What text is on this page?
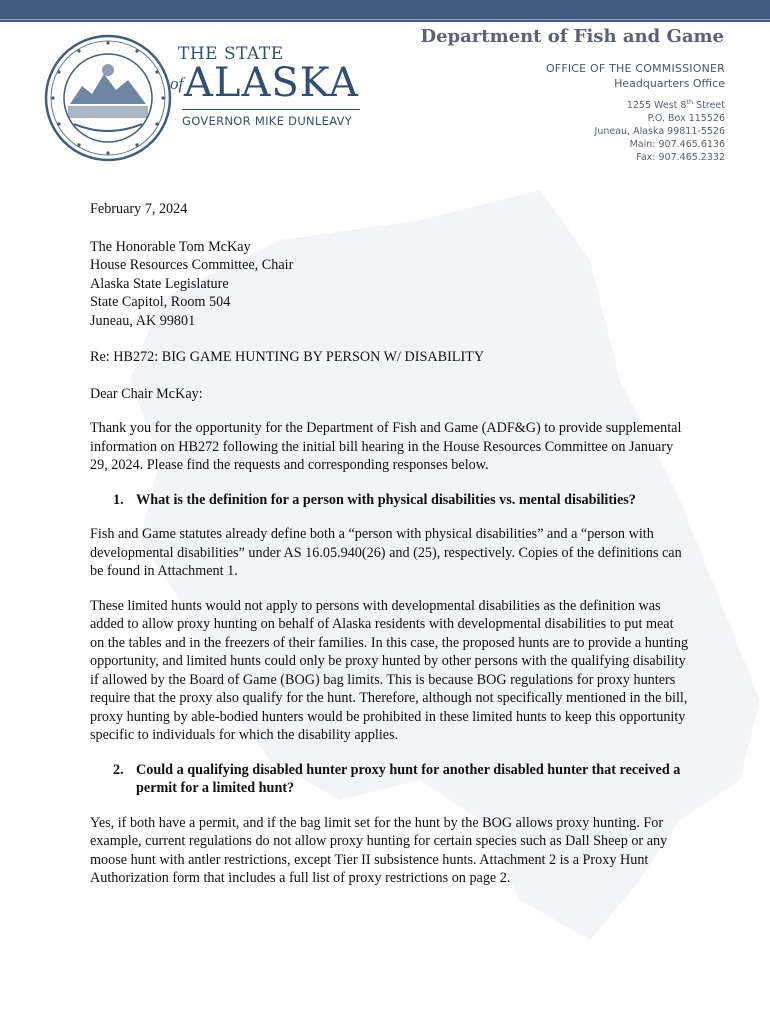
THE STATE
of ALASKA
GOVERNOR MIKE DUNLEAVY
Department of Fish and Game
OFFICE OF THE COMMISSIONER
Headquarters Office
1255 West 8th Street
P.O. Box 115526
Juneau, Alaska 99811-5526
Main: 907.465.6136
Fax: 907.465.2332

February 7, 2024

The Honorable Tom McKay

House Resources Committee, Chair

Alaska State Legislature

State Capitol, Room 504

Juneau, AK 99801

Re: HB272: BIG GAME HUNTING BY PERSON W/ DISABILITY

Dear Chair McKay:

Thank you for the opportunity for the Department of Fish and Game (ADF&G) to provide supplemental information on HB272 following the initial bill hearing in the House Resources Committee on January 29, 2024. Please find the requests and corresponding responses below.

1. What is the definition for a person with physical disabilities vs. mental disabilities?

Fish and Game statutes already define both a “person with physical disabilities” and a “person with developmental disabilities” under AS 16.05.940(26) and (25), respectively. Copies of the definitions can be found in Attachment 1.

These limited hunts would not apply to persons with developmental disabilities as the definition was added to allow proxy hunting on behalf of Alaska residents with developmental disabilities to put meat on the tables and in the freezers of their families. In this case, the proposed hunts are to provide a hunting opportunity, and limited hunts could only be proxy hunted by other persons with the qualifying disability if allowed by the Board of Game (BOG) bag limits. This is because BOG regulations for proxy hunters require that the proxy also qualify for the hunt. Therefore, although not specifically mentioned in the bill, proxy hunting by able-bodied hunters would be prohibited in these limited hunts to keep this opportunity specific to individuals for which the disability applies.

2. Could a qualifying disabled hunter proxy hunt for another disabled hunter that received a permit for a limited hunt?

Yes, if both have a permit, and if the bag limit set for the hunt by the BOG allows proxy hunting. For example, current regulations do not allow proxy hunting for certain species such as Dall Sheep or any moose hunt with antler restrictions, except Tier II subsistence hunts. Attachment 2 is a Proxy Hunt Authorization form that includes a full list of proxy restrictions on page 2.
